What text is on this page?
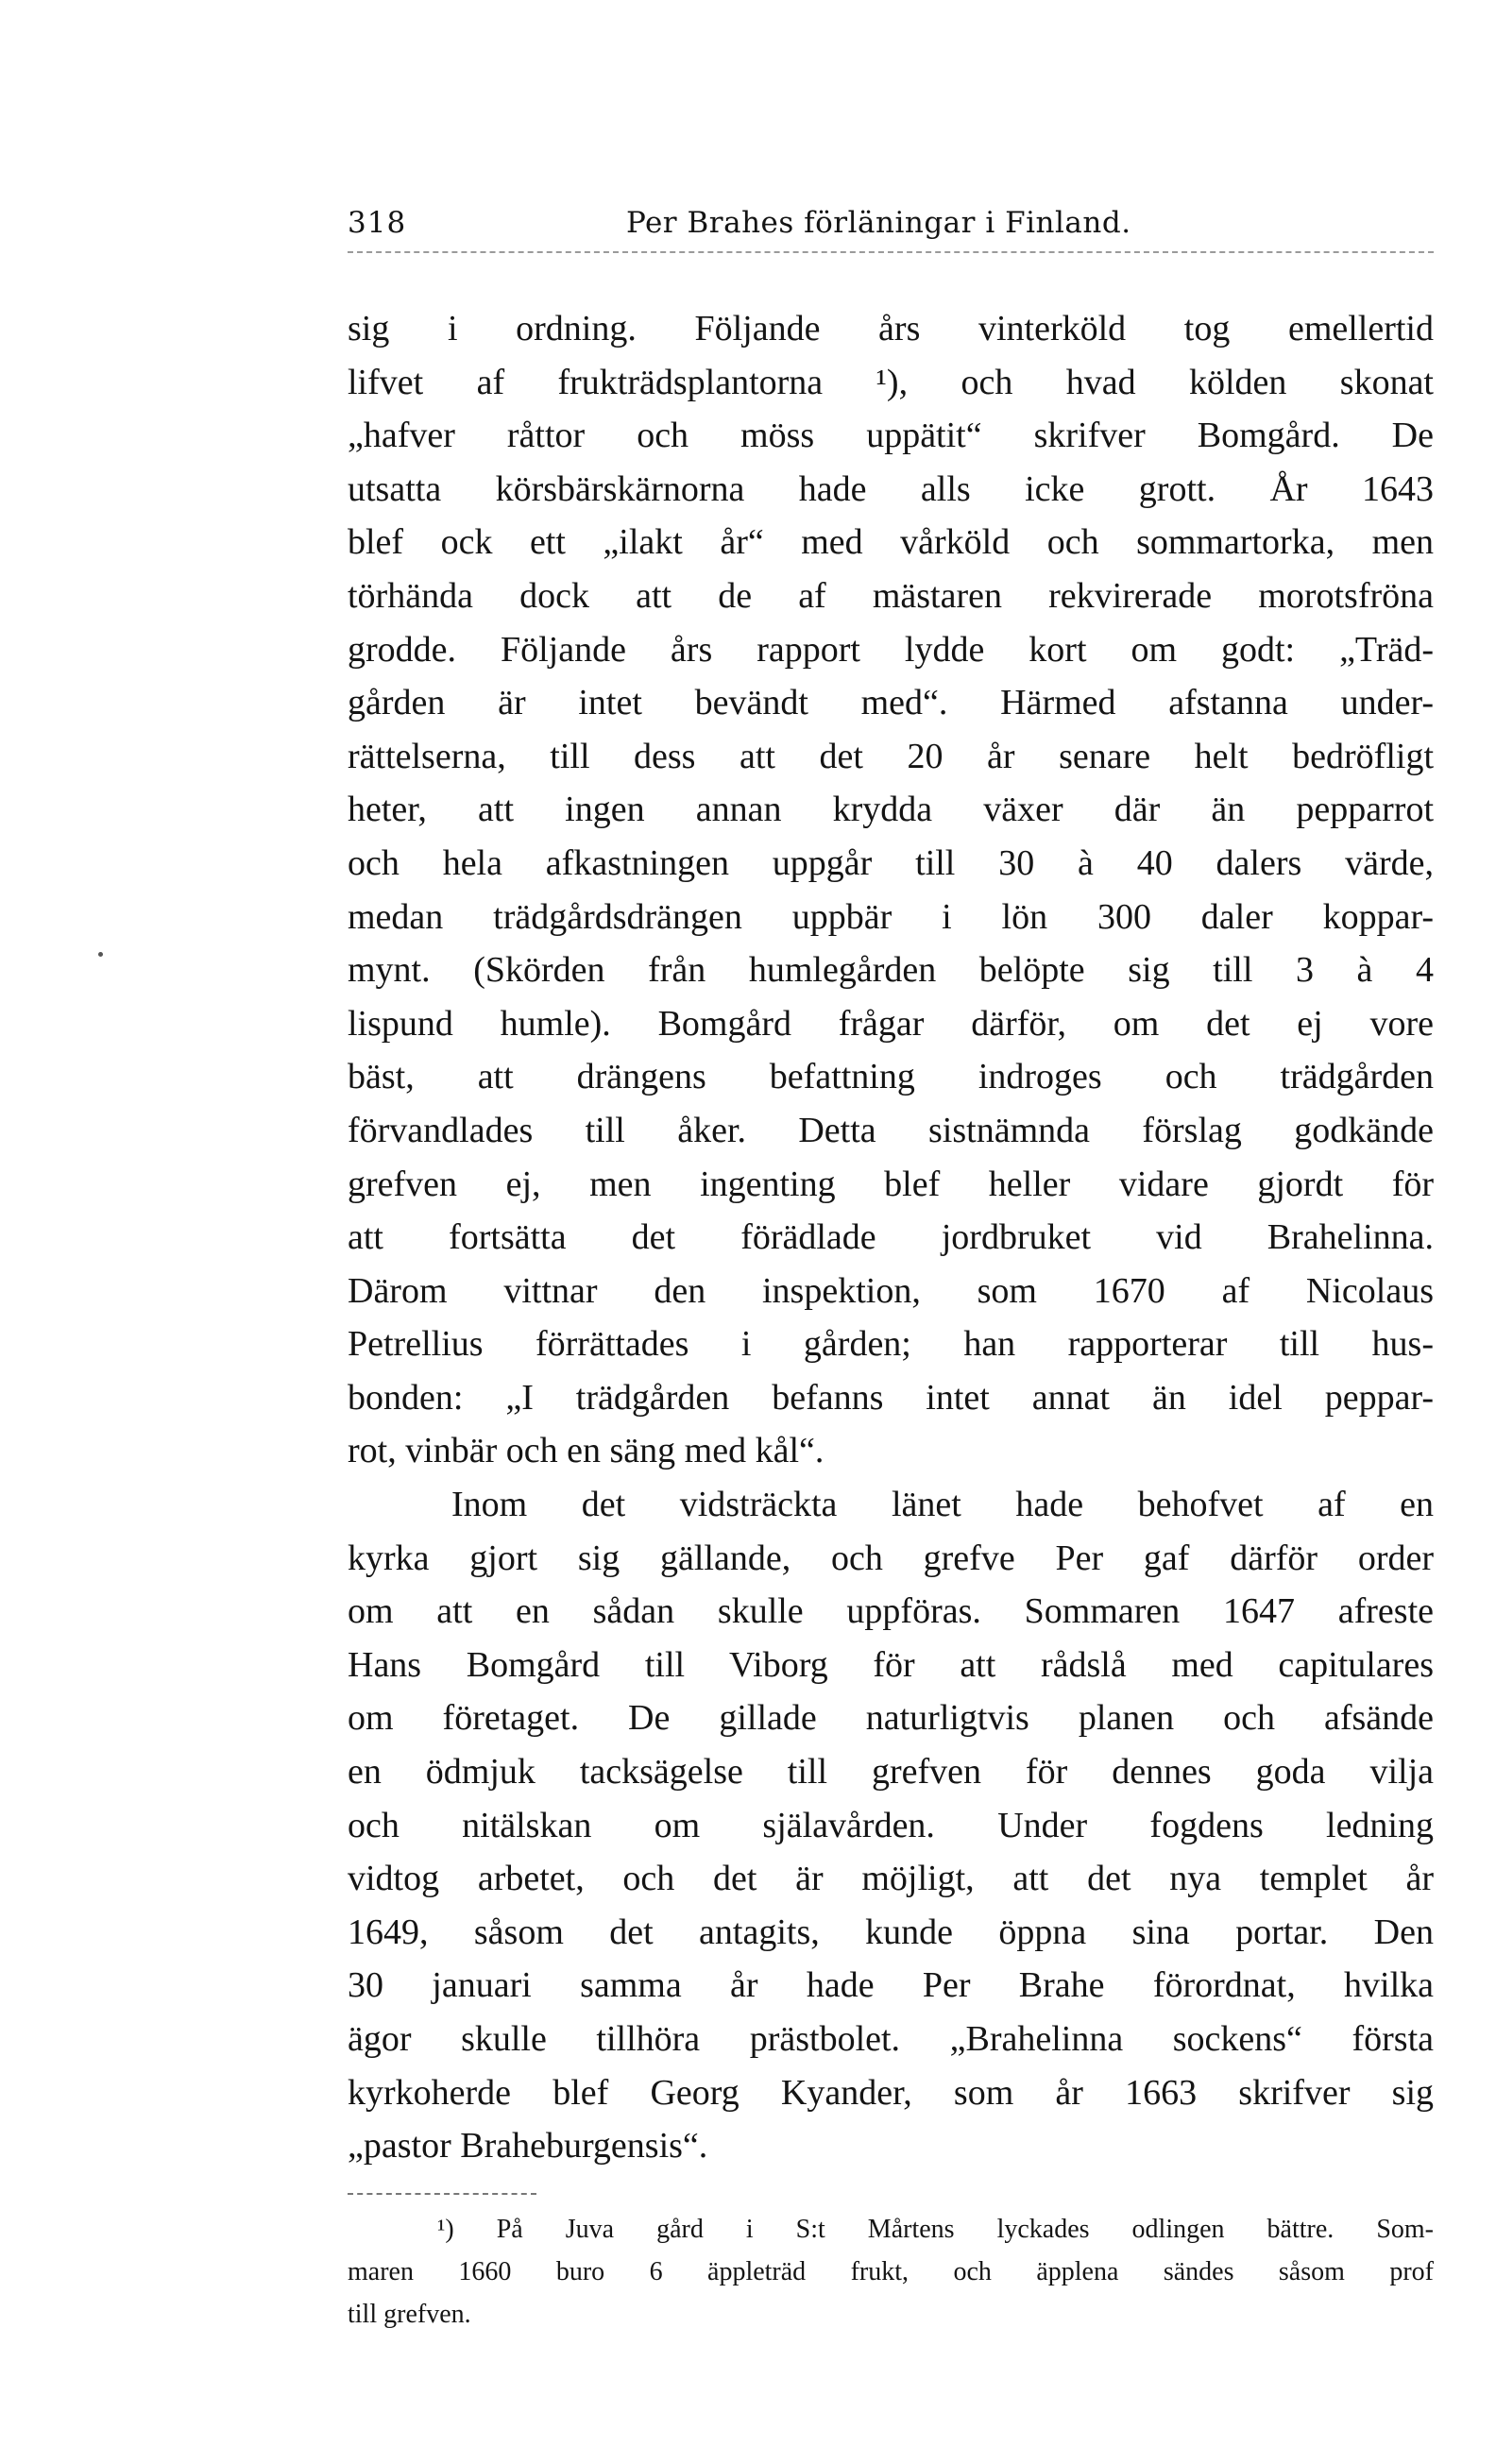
318	Per Brahes förläningar i Finland.
sig i ordning. Följande års vinterköld tog emellertid
lifvet af frukträdsplantorna ¹), och hvad kölden skonat
„hafver råttor och möss uppätit“ skrifver Bomgård. De
utsatta körsbärskärnorna hade alls icke grott. År 1643
blef ock ett „ilakt år“ med vårköld och sommartorka, men
törhända dock att de af mästaren rekvirerade morotsfröna
grodde. Följande års rapport lydde kort om godt: „Träd-
gården är intet bevändt med“. Härmed afstanna under-
rättelserna, till dess att det 20 år senare helt bedröfligt
heter, att ingen annan krydda växer där än pepparrot
och hela afkastningen uppgår till 30 à 40 dalers värde,
medan trädgårdsdrängen uppbär i lön 300 daler koppar-
mynt. (Skörden från humlegården belöpte sig till 3 à 4
lispund humle). Bomgård frågar därför, om det ej vore
bäst, att drängens befattning indroges och trädgården
förvandlades till åker. Detta sistnämnda förslag godkände
grefven ej, men ingenting blef heller vidare gjordt för
att fortsätta det förädlade jordbruket vid Brahelinna.
Därom vittnar den inspektion, som 1670 af Nicolaus
Petrellius förrättades i gården; han rapporterar till hus-
bonden: „I trädgården befanns intet annat än idel peppar-
rot, vinbär och en säng med kål“.
Inom det vidsträckta länet hade behofvet af en
kyrka gjort sig gällande, och grefve Per gaf därför order
om att en sådan skulle uppföras. Sommaren 1647 afreste
Hans Bomgård till Viborg för att rådslå med capitulares
om företaget. De gillade naturligtvis planen och afsände
en ödmjuk tacksägelse till grefven för dennes goda vilja
och nitälskan om själavården. Under fogdens ledning
vidtog arbetet, och det är möjligt, att det nya templet år
1649, såsom det antagits, kunde öppna sina portar. Den
30 januari samma år hade Per Brahe förordnat, hvilka
ägor skulle tillhöra prästbolet. „Brahelinna sockens“ första
kyrkoherde blef Georg Kyander, som år 1663 skrifver sig
„pastor Braheburgensis“.
¹) På Juva gård i S:t Mårtens lyckades odlingen bättre. Som-
maren 1660 buro 6 äppleträd frukt, och äpplena sändes såsom prof
till grefven.
